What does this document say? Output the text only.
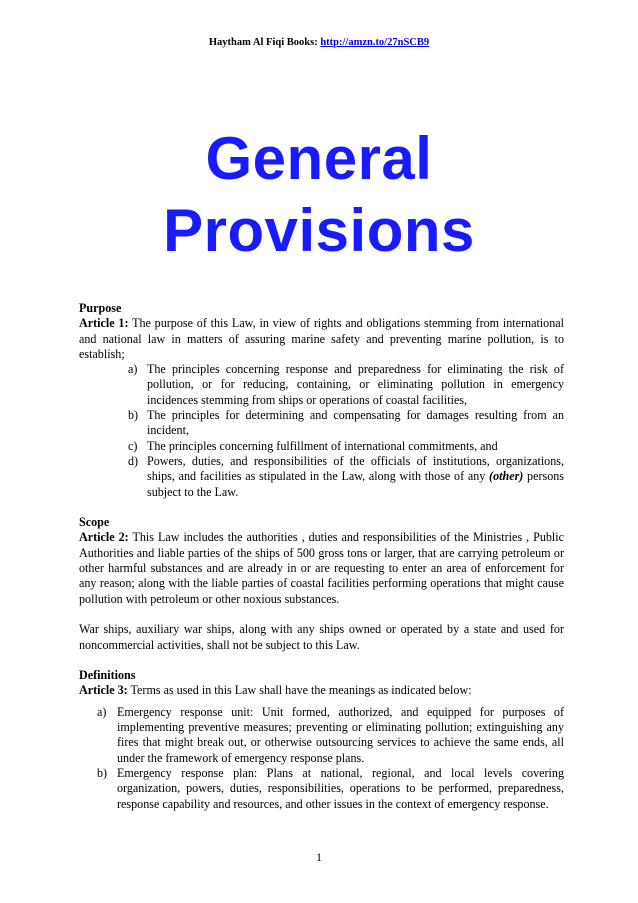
Haytham Al Fiqi Books: http://amzn.to/27nSCB9
General
Provisions
Purpose

Article 1: The purpose of this Law, in view of rights and obligations stemming from international and national law in matters of assuring marine safety and preventing marine pollution, is to establish;

a) The principles concerning response and preparedness for eliminating the risk of pollution, or for reducing, containing, or eliminating pollution in emergency incidences stemming from ships or operations of coastal facilities,
b) The principles for determining and compensating for damages resulting from an incident,
c) The principles concerning fulfillment of international commitments, and
d) Powers, duties, and responsibilities of the officials of institutions, organizations, ships, and facilities as stipulated in the Law, along with those of any (other) persons subject to the Law.
Scope

Article 2: This Law includes the authorities , duties and responsibilities of the Ministries , Public Authorities and liable parties of the ships of 500 gross tons or larger, that are carrying petroleum or other harmful substances and are already in or are requesting to enter an area of enforcement for any reason; along with the liable parties of coastal facilities performing operations that might cause pollution with petroleum or other noxious substances.

War ships, auxiliary war ships, along with any ships owned or operated by a state and used for noncommercial activities, shall not be subject to this Law.

Definitions

Article 3: Terms as used in this Law shall have the meanings as indicated below:

a) Emergency response unit: Unit formed, authorized, and equipped for purposes of implementing preventive measures; preventing or eliminating pollution; extinguishing any fires that might break out, or otherwise outsourcing services to achieve the same ends, all under the framework of emergency response plans.
b) Emergency response plan: Plans at national, regional, and local levels covering organization, powers, duties, responsibilities, operations to be performed, preparedness, response capability and resources, and other issues in the context of emergency response.
1
